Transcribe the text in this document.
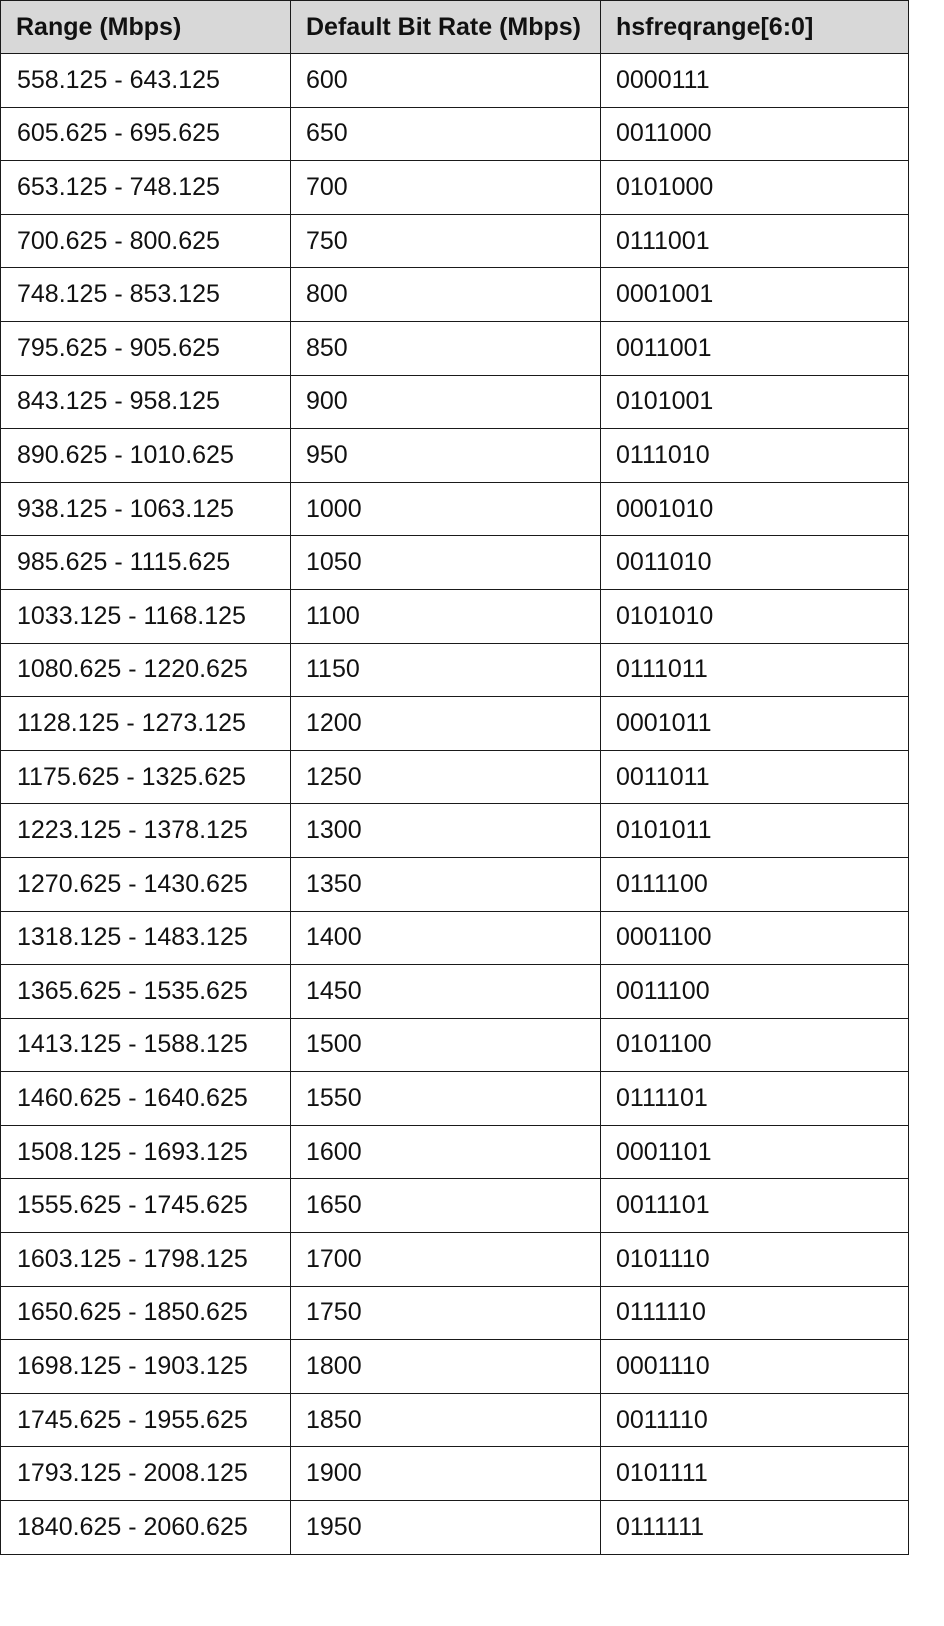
Range (Mbps)	Default Bit Rate (Mbps)	hsfreqrange[6:0]
558.125 - 643.125	600	0000111
605.625 - 695.625	650	0011000
653.125 - 748.125	700	0101000
700.625 - 800.625	750	0111001
748.125 - 853.125	800	0001001
795.625 - 905.625	850	0011001
843.125 - 958.125	900	0101001
890.625 - 1010.625	950	0111010
938.125 - 1063.125	1000	0001010
985.625 - 1115.625	1050	0011010
1033.125 - 1168.125	1100	0101010
1080.625 - 1220.625	1150	0111011
1128.125 - 1273.125	1200	0001011
1175.625 - 1325.625	1250	0011011
1223.125 - 1378.125	1300	0101011
1270.625 - 1430.625	1350	0111100
1318.125 - 1483.125	1400	0001100
1365.625 - 1535.625	1450	0011100
1413.125 - 1588.125	1500	0101100
1460.625 - 1640.625	1550	0111101
1508.125 - 1693.125	1600	0001101
1555.625 - 1745.625	1650	0011101
1603.125 - 1798.125	1700	0101110
1650.625 - 1850.625	1750	0111110
1698.125 - 1903.125	1800	0001110
1745.625 - 1955.625	1850	0011110
1793.125 - 2008.125	1900	0101111
1840.625 - 2060.625	1950	0111111
